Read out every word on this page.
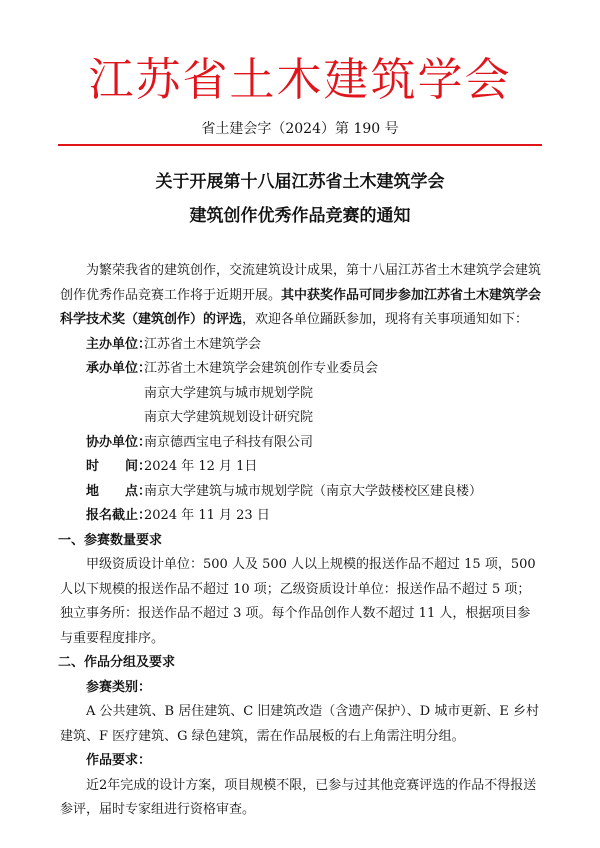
江苏省土木建筑学会
省土建会字（2024）第 190 号
关于开展第十八届江苏省土木建筑学会
建筑创作优秀作品竞赛的通知

为繁荣我省的建筑创作，交流建筑设计成果，第十八届江苏省土木建筑学会建筑创作优秀作品竞赛工作将于近期开展。其中获奖作品可同步参加江苏省土木建筑学会科学技术奖（建筑创作）的评选，欢迎各单位踊跃参加，现将有关事项通知如下：

主办单位：
江苏省土木建筑学会
承办单位：
江苏省土木建筑学会建筑创作专业委员会
南京大学建筑与城市规划学院
南京大学建筑规划设计研究院
协办单位：
南京德西宝电子科技有限公司
时　　间：
2024 年 12 月 1日
地　　点：
南京大学建筑与城市规划学院（南京大学鼓楼校区建良楼）
报名截止：
2024 年 11 月 23 日

一、参赛数量要求

甲级资质设计单位：500 人及 500 人以上规模的报送作品不超过 15 项，500 人以下规模的报送作品不超过 10 项；乙级资质设计单位：报送作品不超过 5 项；独立事务所：报送作品不超过 3 项。每个作品创作人数不超过 11 人，根据项目参与重要程度排序。

二、作品分组及要求

参赛类别：

A 公共建筑、B 居住建筑、C 旧建筑改造（含遗产保护）、D 城市更新、E 乡村建筑、F 医疗建筑、G 绿色建筑，需在作品展板的右上角需注明分组。

作品要求：

近2年完成的设计方案，项目规模不限，已参与过其他竞赛评选的作品不得报送参评，届时专家组进行资格审查。
